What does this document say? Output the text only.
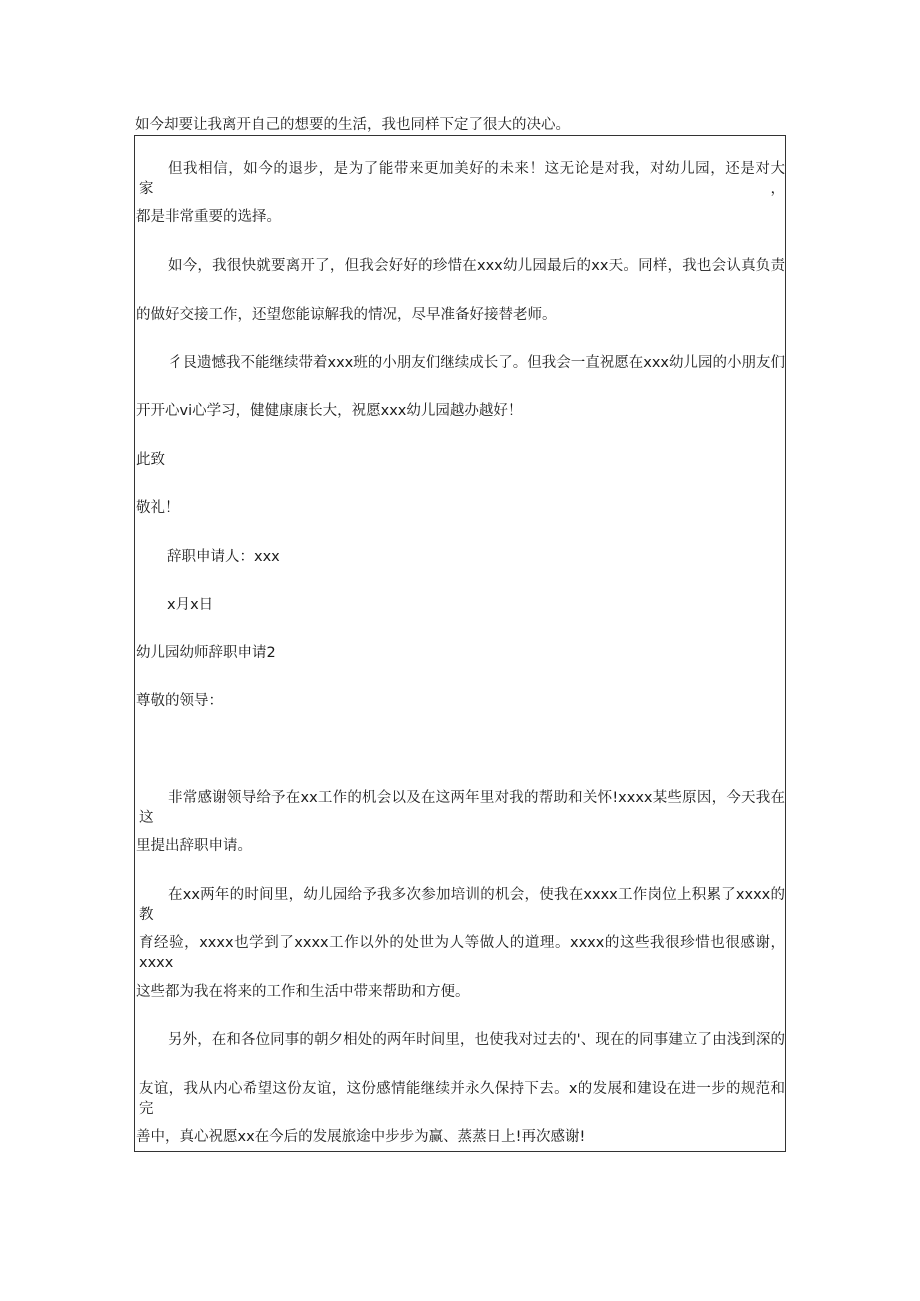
如今却要让我离开自己的想要的生活，我也同样下定了很大的决心。
但我相信，如今的退步，是为了能带来更加美好的未来！这无论是对我，对幼儿园，还是对大家，
都是非常重要的选择。
如今，我很快就要离开了，但我会好好的珍惜在xxx幼儿园最后的xx天。同样，我也会认真负责
的做好交接工作，还望您能谅解我的情况，尽早准备好接替老师。
彳艮遗憾我不能继续带着xxx班的小朋友们继续成长了。但我会一直祝愿在xxx幼儿园的小朋友们
开开心vi心学习，健健康康长大，祝愿xxx幼儿园越办越好！
此致
敬礼！
辞职申请人：xxx
x月x日
幼儿园幼师辞职申请2
尊敬的领导：
非常感谢领导给予在xx工作的机会以及在这两年里对我的帮助和关怀!xxxx某些原因，今天我在这
里提出辞职申请。
在xx两年的时间里，幼儿园给予我多次参加培训的机会，使我在xxxx工作岗位上积累了xxxx的教
育经验，xxxx也学到了xxxx工作以外的处世为人等做人的道理。xxxx的这些我很珍惜也很感谢，xxxx
这些都为我在将来的工作和生活中带来帮助和方便。
另外，在和各位同事的朝夕相处的两年时间里，也使我对过去的'、现在的同事建立了由浅到深的
友谊，我从内心希望这份友谊，这份感情能继续并永久保持下去。x的发展和建设在进一步的规范和完
善中，真心祝愿xx在今后的发展旅途中步步为赢、蒸蒸日上!再次感谢!
